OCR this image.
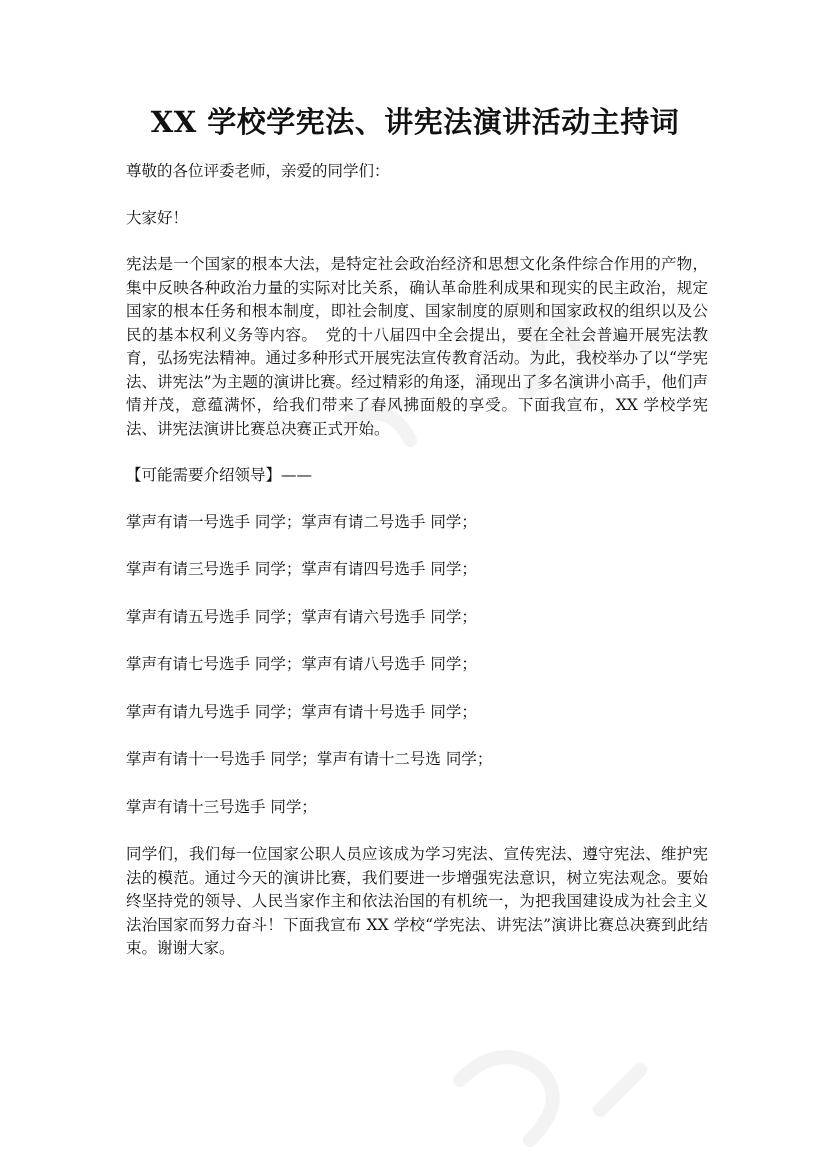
XX 学校学宪法、讲宪法演讲活动主持词

尊敬的各位评委老师，亲爱的同学们：

大家好！

宪法是一个国家的根本大法，是特定社会政治经济和思想文化条件综合作用的产物，集中反映各种政治力量的实际对比关系，确认革命胜利成果和现实的民主政治，规定国家的根本任务和根本制度，即社会制度、国家制度的原则和国家政权的组织以及公民的基本权利义务等内容。　党的十八届四中全会提出，要在全社会普遍开展宪法教育，弘扬宪法精神。通过多种形式开展宪法宣传教育活动。为此，我校举办了以“学宪法、讲宪法”为主题的演讲比赛。经过精彩的角逐，涌现出了多名演讲小高手，他们声情并茂，意蕴满怀，给我们带来了春风拂面般的享受。下面我宣布，XX 学校学宪法、讲宪法演讲比赛总决赛正式开始。

【可能需要介绍领导】——

掌声有请一号选手 同学；掌声有请二号选手 同学；

掌声有请三号选手 同学；掌声有请四号选手 同学；

掌声有请五号选手 同学；掌声有请六号选手 同学；

掌声有请七号选手 同学；掌声有请八号选手 同学；

掌声有请九号选手 同学；掌声有请十号选手 同学；

掌声有请十一号选手 同学；掌声有请十二号选 同学；

掌声有请十三号选手 同学；

同学们，我们每一位国家公职人员应该成为学习宪法、宣传宪法、遵守宪法、维护宪法的模范。通过今天的演讲比赛，我们要进一步增强宪法意识，树立宪法观念。要始终坚持党的领导、人民当家作主和依法治国的有机统一，为把我国建设成为社会主义法治国家而努力奋斗！下面我宣布 XX 学校“学宪法、讲宪法”演讲比赛总决赛到此结束。谢谢大家。
